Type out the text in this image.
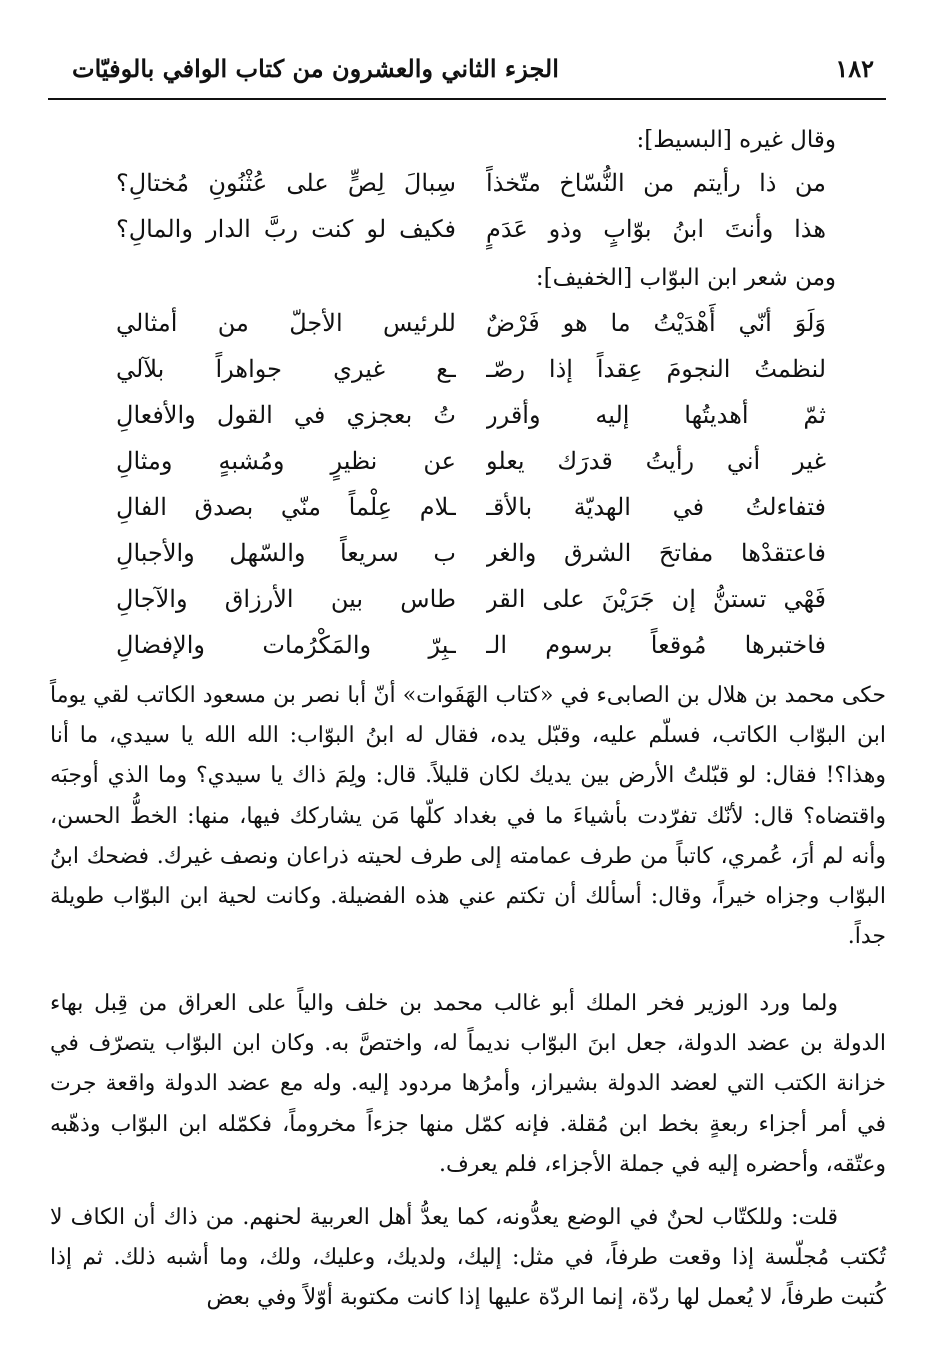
١٨٢
الجزء الثاني والعشرون من كتاب الوافي بالوفيّات
وقال غيره [البسيط]:
من ذا رأيتم من النُّسّاخ متّخذاً
سِبالَ لِصٍّ على عُثْنُونِ مُختالِ؟
هذا وأنتَ ابنُ بوّابٍ وذو عَدَمٍ
فكيف لو كنت ربَّ الدار والمالِ؟
ومن شعر ابن البوّاب [الخفيف]:
وَلَوَ أنّي أَهْدَيْتُ ما هو فَرْضٌ
للرئيس الأجلّ من أمثالي
لنظمتُ النجومَ عِقداً إذا رصّـ
ـع غيري جواهراً بلآلي
ثمّ أهديتُها إليه وأقرر
تُ بعجزي في القول والأفعالِ
غير أني رأيتُ قدرَك يعلو
عن نظيرٍ ومُشبهٍ ومثالِ
فتفاءلتُ في الهديّة بالأقـ
ـلام عِلْماً منّي بصدق الفالِ
فاعتقدْها مفاتحَ الشرق والغر
ب سريعاً والسّهل والأجبالِ
فَهْي تستنُّ إن جَرَيْنَ على القر
طاس بين الأرزاق والآجالِ
فاختبرها مُوقعاً برسوم الـ
ـبِرّ والمَكْرُمات والإفضالِ

حكى محمد بن هلال بن الصابىء في «كتاب الهَفَوات» أنّ أبا نصر بن مسعود الكاتب لقي يوماً ابن البوّاب الكاتب، فسلّم عليه، وقبّل يده، فقال له ابنُ البوّاب: الله الله يا سيدي، ما أنا وهذا؟! فقال: لو قبّلتُ الأرض بين يديك لكان قليلاً. قال: ولِمَ ذاك يا سيدي؟ وما الذي أوجبَه واقتضاه؟ قال: لأنّك تفرّدت بأشياءَ ما في بغداد كلّها مَن يشاركك فيها، منها: الخطُّ الحسن، وأنه لم أرَ، عُمري، كاتباً من طرف عمامته إلى طرف لحيته ذراعان ونصف غيرك. فضحك ابنُ البوّاب وجزاه خيراً، وقال: أسألك أن تكتم عني هذه الفضيلة. وكانت لحية ابن البوّاب طويلة جداً.

ولما ورد الوزير فخر الملك أبو غالب محمد بن خلف والياً على العراق من قِبل بهاء الدولة بن عضد الدولة، جعل ابنَ البوّاب نديماً له، واختصَّ به. وكان ابن البوّاب يتصرّف في خزانة الكتب التي لعضد الدولة بشيراز، وأمرُها مردود إليه. وله مع عضد الدولة واقعة جرت في أمر أجزاء ربعةٍ بخط ابن مُقلة. فإنه كمّل منها جزءاً مخروماً، فكمّله ابن البوّاب وذهّبه وعتّقه، وأحضره إليه في جملة الأجزاء، فلم يعرف.

قلت: وللكتّاب لحنٌ في الوضع يعدُّونه، كما يعدُّ أهل العربية لحنهم. من ذاك أن الكاف لا تُكتب مُجلّسة إذا وقعت طرفاً، في مثل: إليك، ولديك، وعليك، ولك، وما أشبه ذلك. ثم إذا كُتبت طرفاً، لا يُعمل لها ردّة، إنما الردّة عليها إذا كانت مكتوبة أوّلاً وفي بعض
